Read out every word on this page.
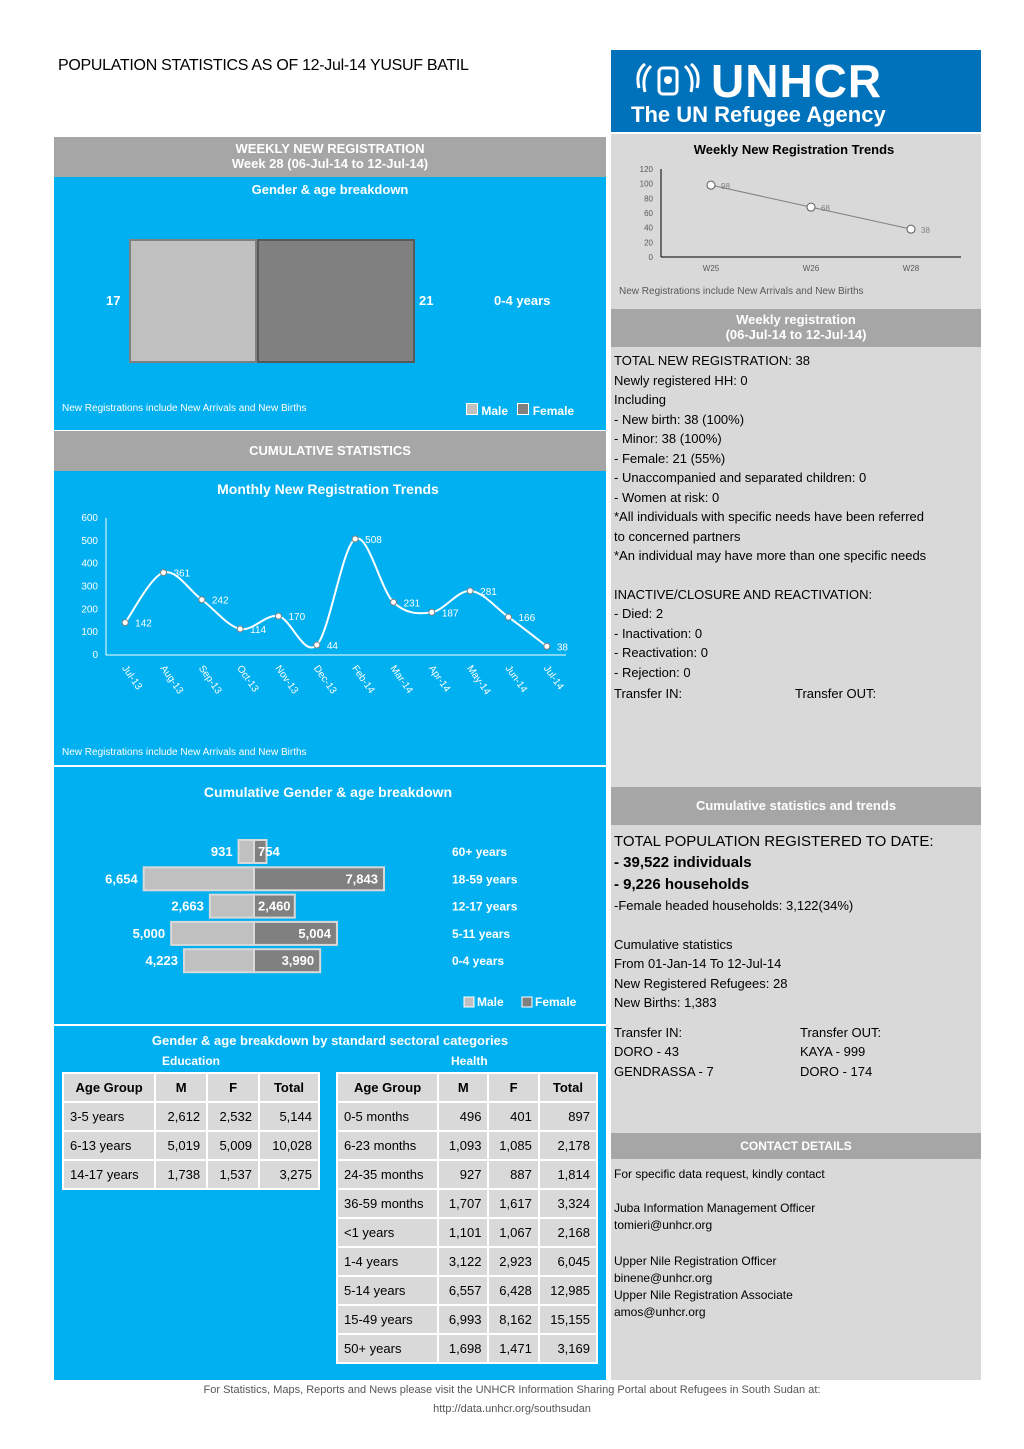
POPULATION STATISTICS AS OF 12-Jul-14 YUSUF BATIL	UNHCR
The UN Refugee Agency
WEEKLY NEW REGISTRATION
Week 28 (06-Jul-14 to 12-Jul-14)
Gender & age breakdown
17	21	0-4 years
New Registrations include New Arrivals and New Births	Male Female
CUMULATIVE STATISTICS
Monthly New Registration Trends
600
500
400
300
200
100
0
142
361
242
114
170
44
508
231
187
281
166
38
Jul-13 Aug-13 Sep-13 Oct-13 Nov-13 Dec-13 Feb-14 Mar-14 Apr-14 May-14 Jun-14 Jul-14
New Registrations include New Arrivals and New Births
Cumulative Gender & age breakdown
931 754	60+ years
6,654	7,843	18-59 years
2,663	2,460	12-17 years
5,000	5,004	5-11 years
4,223	3,990	0-4 years
Male	Female
Gender & age breakdown by standard sectoral categories
Education	Health
Age Group	M	F	Total
3-5 years	2,612	2,532	5,144
6-13 years	5,019	5,009	10,028
14-17 years	1,738	1,537	3,275
Age Group	M	F	Total
0-5 months	496	401	897
6-23 months	1,093	1,085	2,178
24-35 months	927	887	1,814
36-59 months	1,707	1,617	3,324
<1 years	1,101	1,067	2,168
1-4 years	3,122	2,923	6,045
5-14 years	6,557	6,428	12,985
15-49 years	6,993	8,162	15,155
50+ years	1,698	1,471	3,169
Weekly New Registration Trends
120
100
80
60
40
20
0
98
68
38
W25	W26	W28
New Registrations include New Arrivals and New Births
Weekly registration
(06-Jul-14 to 12-Jul-14)
TOTAL NEW REGISTRATION: 38
Newly registered HH: 0
Including
- New birth: 38 (100%)
- Minor: 38 (100%)
- Female: 21 (55%)
- Unaccompanied and separated children: 0
- Women at risk: 0
*All individuals with specific needs have been referred
to concerned partners
*An individual may have more than one specific needs
INACTIVE/CLOSURE AND REACTIVATION:
- Died: 2
- Inactivation: 0
- Reactivation: 0
- Rejection: 0
Transfer IN:	Transfer OUT:
Cumulative statistics and trends
TOTAL POPULATION REGISTERED TO DATE:
- 39,522 individuals
- 9,226 households
-Female headed households: 3,122(34%)
Cumulative statistics
From 01-Jan-14 To 12-Jul-14
New Registered Refugees: 28
New Births: 1,383
Transfer IN:
DORO - 43
GENDRASSA - 7
Transfer OUT:
KAYA - 999
DORO - 174
CONTACT DETAILS
For specific data request, kindly contact
Juba Information Management Officer
tomieri@unhcr.org
Upper Nile Registration Officer
binene@unhcr.org
Upper Nile Registration Associate
amos@unhcr.org
For Statistics, Maps, Reports and News please visit the UNHCR Information Sharing Portal about Refugees in South Sudan at:
http://data.unhcr.org/southsudan
